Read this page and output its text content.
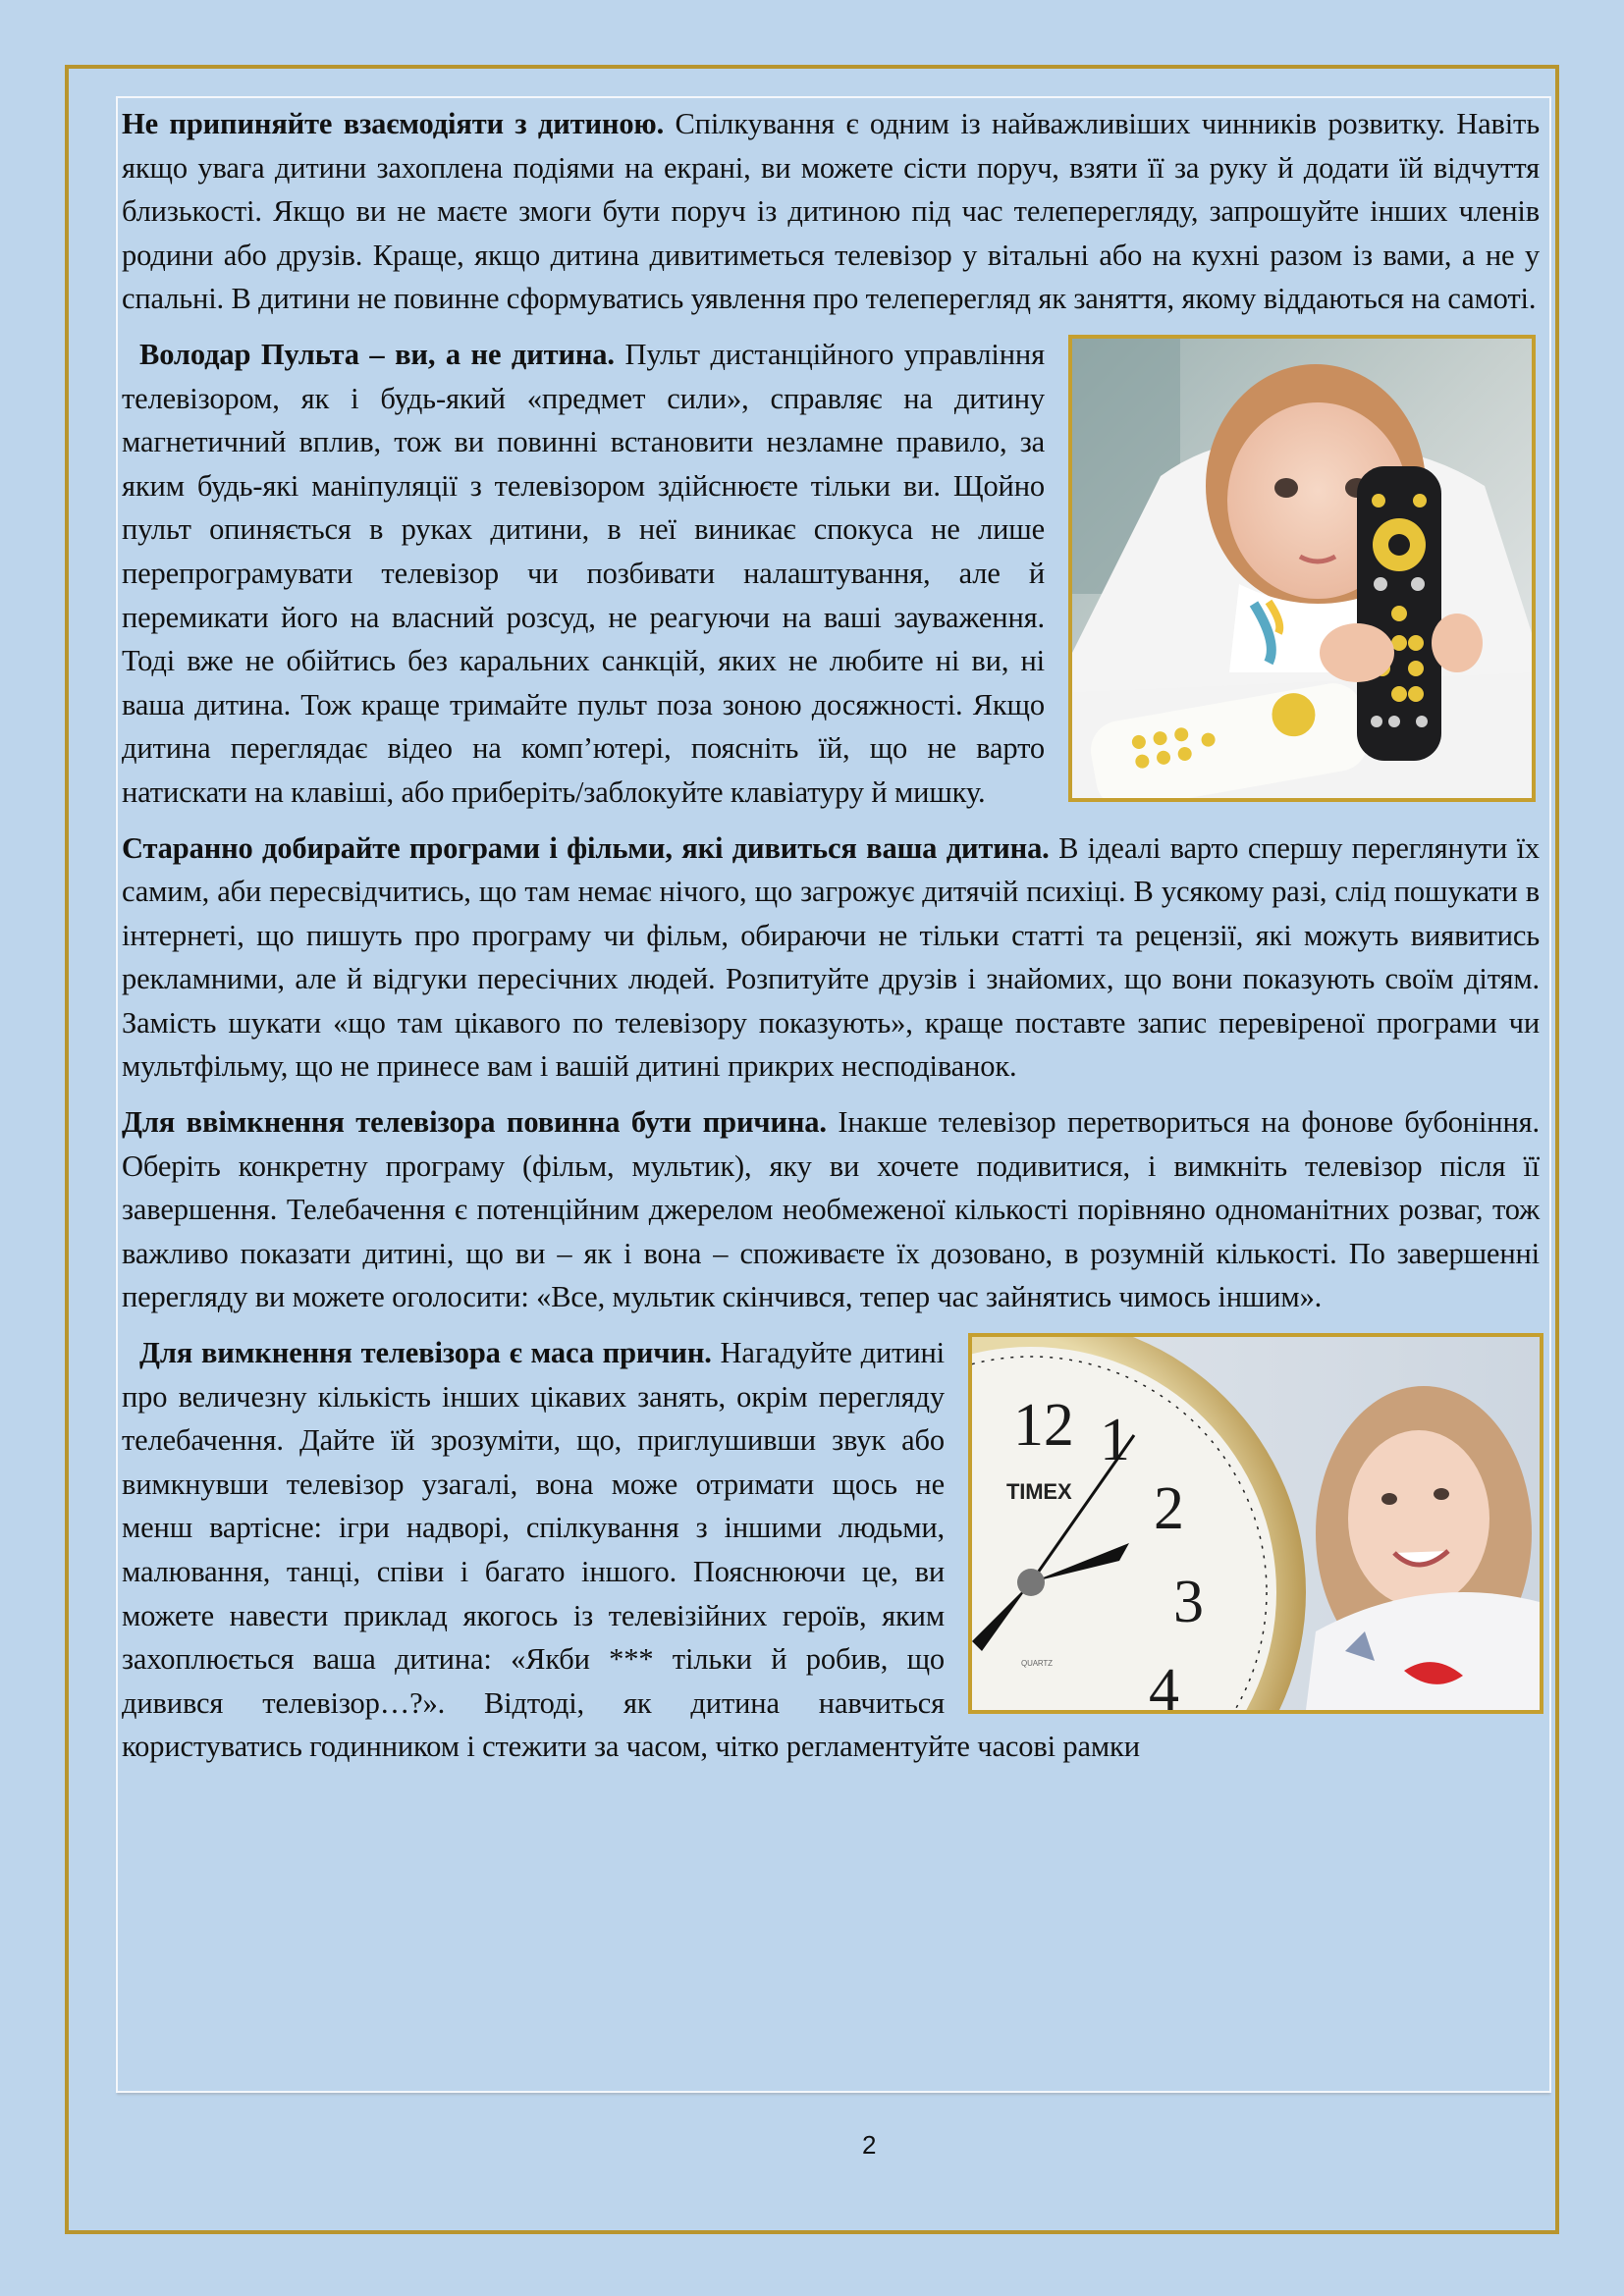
Не припиняйте взаємодіяти з дитиною. Спілкування є одним із найважливіших чинників розвитку. Навіть якщо увага дитини захоплена подіями на екрані, ви можете сісти поруч, взяти її за руку й додати їй відчуття близькості. Якщо ви не маєте змоги бути поруч із дитиною під час телеперегляду, запрошуйте інших членів родини або друзів. Краще, якщо дитина дивитиметься телевізор у вітальні або на кухні разом із вами, а не у спальні. В дитини не повинне сформуватись уявлення про телеперегляд як заняття, якому віддаються на самоті.

Володар Пульта – ви, а не дитина. Пульт дистанційного управління телевізором, як і будь-який «предмет сили», справляє на дитину магнетичний вплив, тож ви повинні встановити незламне правило, за яким будь-які маніпуляції з телевізором здійснюєте тільки ви. Щойно пульт опиняється в руках дитини, в неї виникає спокуса не лише перепрограмувати телевізор чи позбивати налаштування, але й перемикати його на власний розсуд, не реагуючи на ваші зауваження. Тоді вже не обійтись без каральних санкцій, яких не любите ні ви, ні ваша дитина. Тож краще тримайте пульт поза зоною досяжності. Якщо дитина переглядає відео на комп’ютері, поясніть їй, що не варто натискати на клавіші, або приберіть/заблокуйте клавіатуру й мишку.

Старанно добирайте програми і фільми, які дивиться ваша дитина. В ідеалі варто спершу переглянути їх самим, аби пересвідчитись, що там немає нічого, що загрожує дитячій психіці. В усякому разі, слід пошукати в інтернеті, що пишуть про програму чи фільм, обираючи не тільки статті та рецензії, які можуть виявитись рекламними, але й відгуки пересічних людей. Розпитуйте друзів і знайомих, що вони показують своїм дітям. Замість шукати «що там цікавого по телевізору показують», краще поставте запис перевіреної програми чи мультфільму, що не принесе вам і вашій дитині прикрих несподіванок.

Для ввімкнення телевізора повинна бути причина. Інакше телевізор перетвориться на фонове бубоніння. Оберіть конкретну програму (фільм, мультик), яку ви хочете подивитися, і вимкніть телевізор після її завершення. Телебачення є потенційним джерелом необмеженої кількості порівняно одноманітних розваг, тож важливо показати дитині, що ви – як і вона – споживаєте їх дозовано, в розумній кількості. По завершенні перегляду ви можете оголосити: «Все, мультик скінчився, тепер час зайнятись чимось іншим».

12 1
2
3
4
TIMEX
QUARTZ
Для вимкнення телевізора є маса причин. Нагадуйте дитині про величезну кількість інших цікавих занять, окрім перегляду телебачення. Дайте їй зрозуміти, що, приглушивши звук або вимкнувши телевізор узагалі, вона може отримати щось не менш вартісне: ігри надворі, спілкування з іншими людьми, малювання, танці, співи і багато іншого. Пояснюючи це, ви можете навести приклад якогось із телевізійних героїв, яким захоплюється ваша дитина: «Якби *** тільки й робив, що дивився телевізор…?». Відтоді, як дитина навчиться користуватись годинником і стежити за часом, чітко регламентуйте часові рамки

2
